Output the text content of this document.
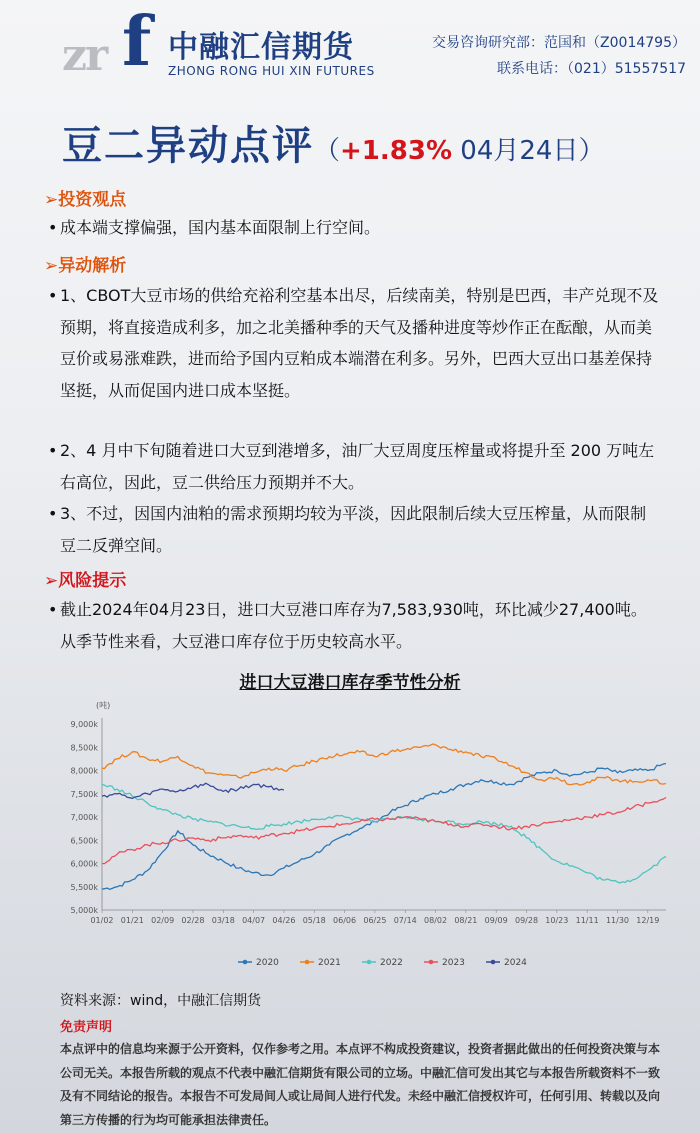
zr f 中融汇信期货
ZHONG RONG HUI XIN FUTURES
交易咨询研究部：范国和（Z0014795）
联系电话：（021）51557517
豆二异动点评（+1.83% 04月24日）
➢投资观点
• 成本端支撑偏强，国内基本面限制上行空间。
➢异动解析
• 1、CBOT大豆市场的供给充裕利空基本出尽，后续南美，特别是巴西，丰产兑现不及预期，将直接造成利多，加之北美播种季的天气及播种进度等炒作正在酝酿，从而美豆价或易涨难跌，进而给予国内豆粕成本端潜在利多。另外，巴西大豆出口基差保持坚挺，从而促国内进口成本坚挺。
• 2、4 月中下旬随着进口大豆到港增多，油厂大豆周度压榨量或将提升至 200 万吨左右高位，因此，豆二供给压力预期并不大。
• 3、不过，因国内油粕的需求预期均较为平淡，因此限制后续大豆压榨量，从而限制豆二反弹空间。
➢风险提示
• 截止2024年04月23日，进口大豆港口库存为7,583,930吨，环比减少27,400吨。从季节性来看，大豆港口库存位于历史较高水平。
进口大豆港口库存季节性分析
(吨)
5,000k
5,500k
6,000k
6,500k
7,000k
7,500k
8,000k
8,500k
9,000k
01/02 01/21 02/09 02/28 03/18 04/07 04/26 05/18 06/06 06/25 07/14 08/02 08/21 09/09 09/28 10/23 11/11 11/30 12/19
2020	2021	2022	2023	2024
资料来源：wind，中融汇信期货
免责声明
本点评中的信息均来源于公开资料，仅作参考之用。本点评不构成投资建议，投资者据此做出的任何投资决策与本公司无关。本报告所载的观点不代表中融汇信期货有限公司的立场。中融汇信可发出其它与本报告所载资料不一致及有不同结论的报告。本报告不可发局间人或让局间人进行代发。未经中融汇信授权许可，任何引用、转载以及向第三方传播的行为均可能承担法律责任。
